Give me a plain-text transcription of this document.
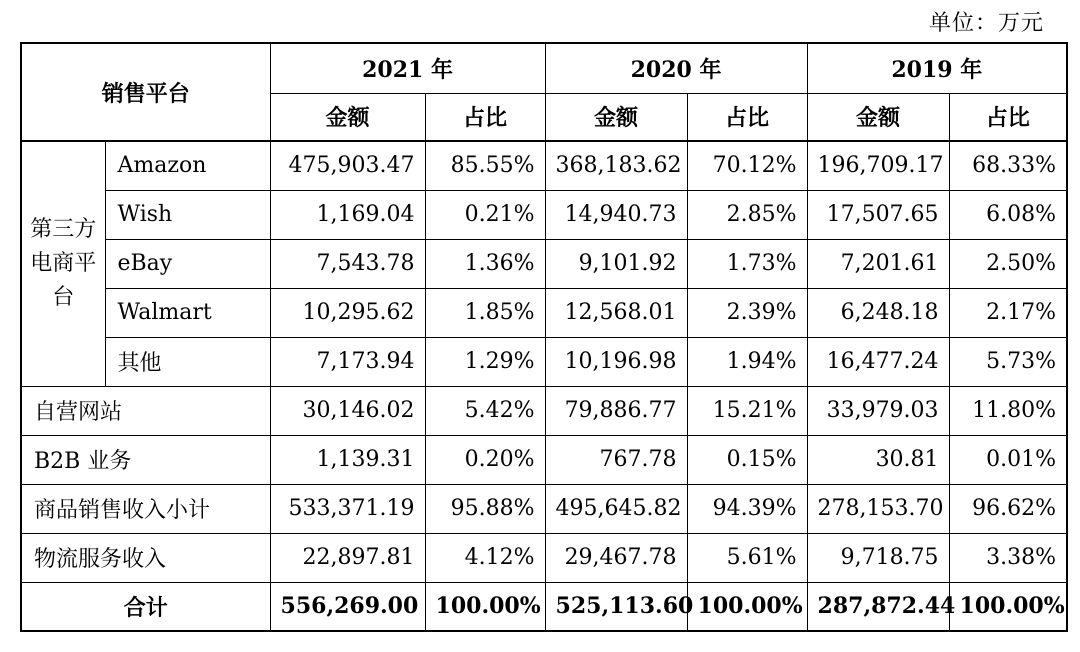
单位：万元
销售平台		2021 年		2020 年		2019 年	
		金额	占比	金额	占比	金额	占比
第三方电商平台	Amazon	475,903.47	85.55%	368,183.62	70.12%	196,709.17	68.33%
	Wish	1,169.04	0.21%	14,940.73	2.85%	17,507.65	6.08%
	eBay	7,543.78	1.36%	9,101.92	1.73%	7,201.61	2.50%
	Walmart	10,295.62	1.85%	12,568.01	2.39%	6,248.18	2.17%
	其他	7,173.94	1.29%	10,196.98	1.94%	16,477.24	5.73%
自营网站		30,146.02	5.42%	79,886.77	15.21%	33,979.03	11.80%
B2B 业务		1,139.31	0.20%	767.78	0.15%	30.81	0.01%
商品销售收入小计		533,371.19	95.88%	495,645.82	94.39%	278,153.70	96.62%
物流服务收入		22,897.81	4.12%	29,467.78	5.61%	9,718.75	3.38%
合计		556,269.00	100.00%	525,113.60	100.00%	287,872.44	100.00%
